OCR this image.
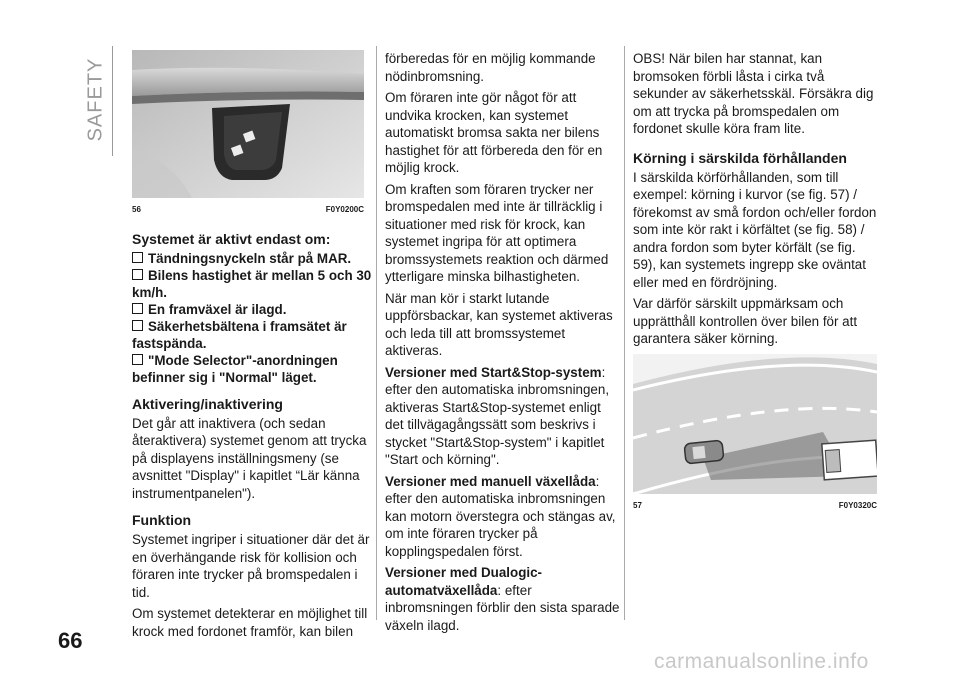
SAFETY
56	F0Y0200C
Systemet är aktivt endast om:
Tändningsnyckeln står på MAR.
Bilens hastighet är mellan 5 och 30 km/h.
En framväxel är ilagd.
Säkerhetsbältena i framsätet är fastspända.
"Mode Selector"-anordningen befinner sig i "Normal" läget.
Aktivering/inaktivering

Det går att inaktivera (och sedan återaktivera) systemet genom att trycka på displayens inställningsmeny (se avsnittet "Display" i kapitlet “Lär känna instrumentpanelen").

Funktion

Systemet ingriper i situationer där det är en överhängande risk för kollision och föraren inte trycker på bromspedalen i tid.

Om systemet detekterar en möjlighet till krock med fordonet framför, kan bilen

förberedas för en möjlig kommande nödinbromsning.

Om föraren inte gör något för att undvika krocken, kan systemet automatiskt bromsa sakta ner bilens hastighet för att förbereda den för en möjlig krock.

Om kraften som föraren trycker ner bromspedalen med inte är tillräcklig i situationer med risk för krock, kan systemet ingripa för att optimera bromssystemets reaktion och därmed ytterligare minska bilhastigheten.

När man kör i starkt lutande uppförsbackar, kan systemet aktiveras och leda till att bromssystemet aktiveras.

Versioner med Start&Stop-system:
efter den automatiska inbromsningen, aktiveras Start&Stop-systemet enligt det tillvägagångssätt som beskrivs i stycket "Start&Stop-system" i kapitlet "Start och körning".

Versioner med manuell växellåda:
efter den automatiska inbromsningen kan motorn överstegra och stängas av, om inte föraren trycker på kopplingspedalen först.

Versioner med Dualogic-automatväxellåda: efter inbromsningen förblir den sista sparade växeln ilagd.

OBS! När bilen har stannat, kan bromsoken förbli låsta i cirka två sekunder av säkerhetsskäl. Försäkra dig om att trycka på bromspedalen om fordonet skulle köra fram lite.

Körning i särskilda förhållanden

I särskilda körförhållanden, som till exempel: körning i kurvor (se fig. 57) / förekomst av små fordon och/eller fordon som inte kör rakt i körfältet (se fig. 58) / andra fordon som byter körfält (se fig. 59), kan systemets ingrepp ske oväntat eller med en fördröjning.

Var därför särskilt uppmärksam och upprätthåll kontrollen över bilen för att garantera säker körning.

57	F0Y0320C
66
carmanualsonline.info
